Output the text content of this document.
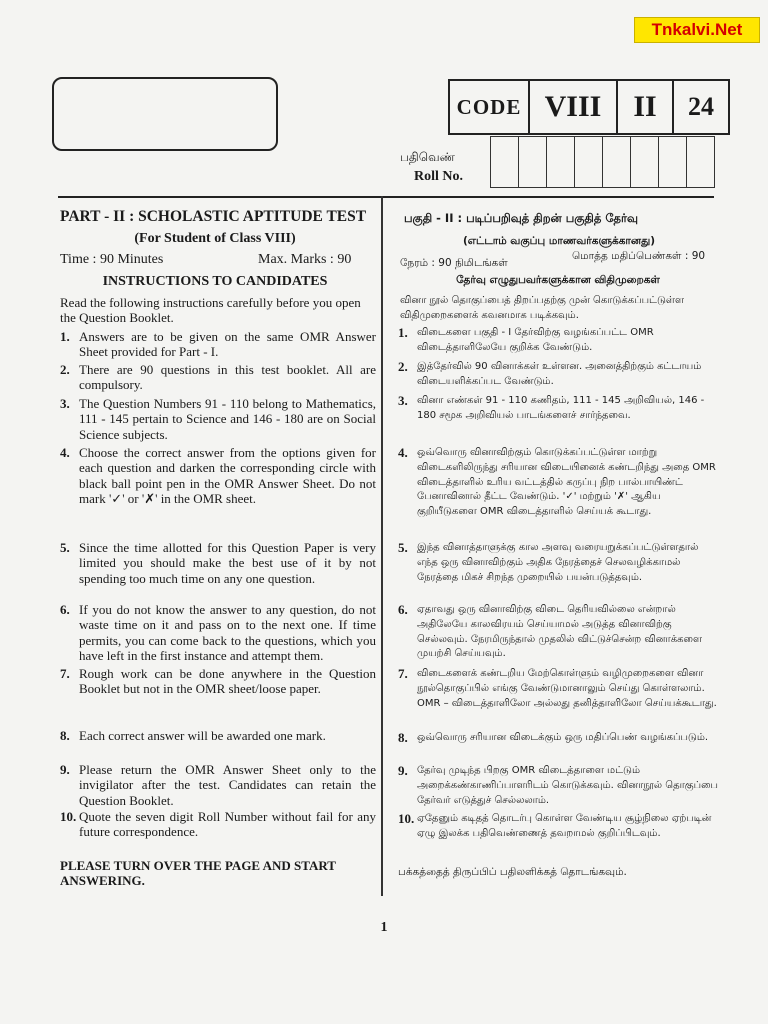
Tnkalvi.Net
CODE	VIII	II	24
பதிவெண்
Roll No.

PART - II : SCHOLASTIC APTITUDE TEST
(For Student of Class VIII)
Time : 90 Minutes	Max. Marks : 90
INSTRUCTIONS TO CANDIDATES
Read the following instructions carefully before you open the Question Booklet.
1. Answers are to be given on the same OMR Answer Sheet provided for Part - I.
2. There are 90 questions in this test booklet. All are compulsory.
3. The Question Numbers 91 - 110 belong to Mathematics, 111 - 145 pertain to Science and 146 - 180 are on Social Science subjects.
4. Choose the correct answer from the options given for each question and darken the corresponding circle with black ball point pen in the OMR Answer Sheet. Do not mark '✓' or '✗' in the OMR sheet.
5. Since the time allotted for this Question Paper is very limited you should make the best use of it by not spending too much time on any one question.
6. If you do not know the answer to any question, do not waste time on it and pass on to the next one. If time permits, you can come back to the questions, which you have left in the first instance and attempt them.
7. Rough work can be done anywhere in the Question Booklet but not in the OMR sheet/loose paper.
8. Each correct answer will be awarded one mark.
9. Please return the OMR Answer Sheet only to the invigilator after the test. Candidates can retain the Question Booklet.
10. Quote the seven digit Roll Number without fail for any future correspondence.
PLEASE TURN OVER THE PAGE AND START ANSWERING.
பகுதி - II : படிப்பறிவுத் திறன் பகுதித் தேர்வு
(எட்டாம் வகுப்பு மாணவர்களுக்கானது)
நேரம் : 90 நிமிடங்கள்
மொத்த மதிப்பெண்கள் : 90
தேர்வு எழுதுபவர்களுக்கான விதிமுறைகள்
வினா நூல் தொகுப்பைத் திறப்பதற்கு முன் கொடுக்கப்பட்டுள்ள விதிமுறைகளைக் கவனமாக படிக்கவும்.
1. விடைகளை பகுதி - I தேர்விற்கு வழங்கப்பட்ட OMR விடைத்தாளிலேயே குறிக்க வேண்டும்.
2. இத்தேர்வில் 90 வினாக்கள் உள்ளன. அனைத்திற்கும் கட்டாயம் விடையளிக்கப்பட வேண்டும்.
3. வினா எண்கள் 91 - 110 கணிதம், 111 - 145 அறிவியல், 146 - 180 சமூக அறிவியல் பாடங்களைச் சார்ந்தவை.
4. ஒவ்வொரு வினாவிற்கும் கொடுக்கப்பட்டுள்ள மாற்று விடைகளிலிருந்து சரியான விடையினைக் கண்டறிந்து அதை OMR விடைத்தாளில் உரிய வட்டத்தில் கருப்பு நிற பால்பாயிண்ட் பேனாவினால் தீட்ட வேண்டும். '✓' மற்றும் '✗' ஆகிய குறியீடுகளை OMR விடைத்தாளில் செய்யக் கூடாது.
5. இந்த வினாத்தாளுக்கு கால அளவு வரையறுக்கப்பட்டுள்ளதால் எந்த ஒரு வினாவிற்கும் அதிக நேரத்தைச் செலவழிக்காமல் நேரத்தை மிகச் சிறந்த முறையில் பயன்படுத்தவும்.
6. ஏதாவது ஒரு வினாவிற்கு விடை தெரியவில்லை என்றால் அதிலேயே காலவிரயம் செய்யாமல் அடுத்த வினாவிற்கு செல்லவும். நேரமிருந்தால் முதலில் விட்டுச்சென்ற வினாக்களை முயற்சி செய்யவும்.
7. விடைகளைக் கண்டறிய மேற்கொள்ளும் வழிமுறைகளை வினா நூல்தொகுப்பில் எங்கு வேண்டுமானாலும் செய்து கொள்ளலாம். OMR – விடைத்தாளிலோ அல்லது தனித்தாளிலோ செய்யக்கூடாது.
8. ஒவ்வொரு சரியான விடைக்கும் ஒரு மதிப்பெண் வழங்கப்படும்.
9. தேர்வு முடிந்த பிறகு OMR விடைத்தாளை மட்டும் அறைக்கண்காணிப்பாளரிடம் கொடுக்கவும். வினாநூல் தொகுப்பை தேர்வர் எடுத்துச் செல்லலாம்.
10. ஏதேனும் கடிதத் தொடர்பு கொள்ள வேண்டிய சூழ்நிலை ஏற்படின் ஏழு இலக்க பதிவெண்ணைத் தவறாமல் குறிப்பிடவும்.
பக்கத்தைத் திருப்பிப் பதிலளிக்கத் தொடங்கவும்.
1
